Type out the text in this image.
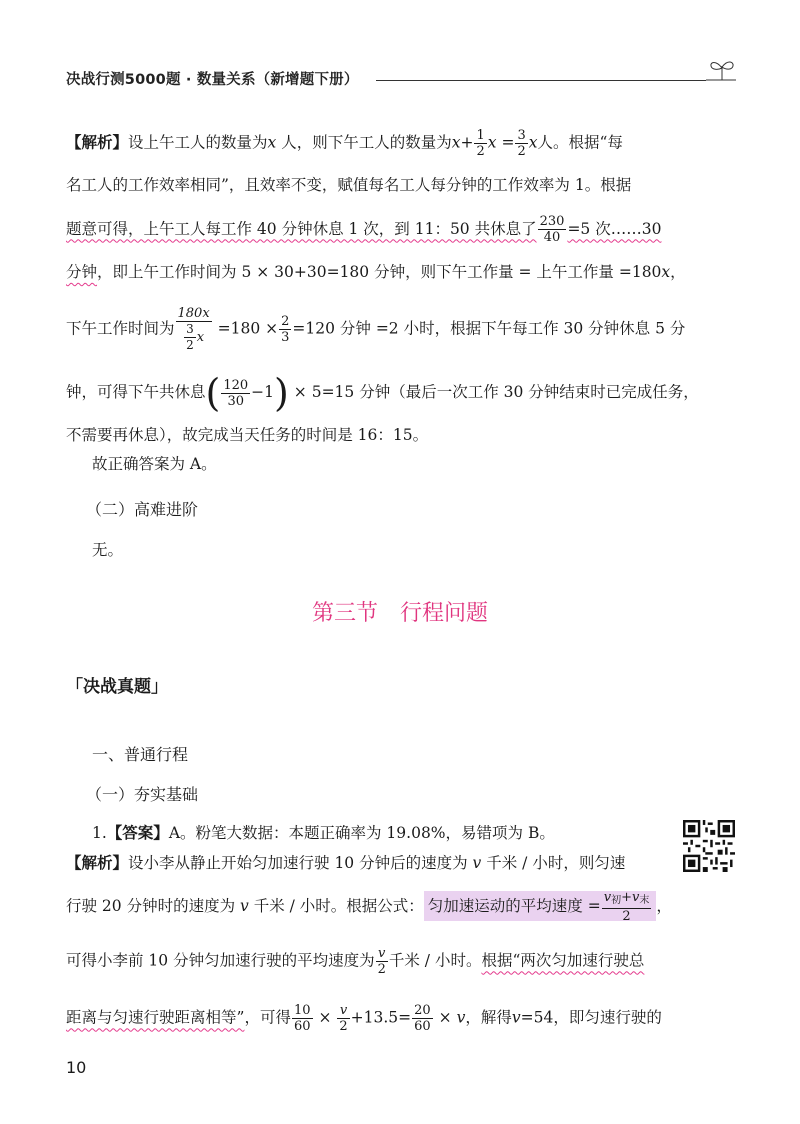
决战行测5000题 · 数量关系（新增题下册）
【解析】设上午工人的数量为x 人，则下午工人的数量为$x+ \frac{1}{2}$ $x = \frac{3}{2}$ x人。根据“每
名工人的工作效率相同”，且效率不变，赋值每名工人每分钟的工作效率为 1。根据
题意可得，上午工人每工作 40 分钟休息 1 次，到 11：50 共休息了 $\frac{230}{40} =5$ 次……30
分钟，即上午工作时间为 5 × 30+30=180 分钟，则下午工作量 = 上午工作量 =180x，
下午工作时间为 $\frac{180x}{\frac{3}{2} x} =180 \times \frac{2}{3} =120$ 分钟 =2 小时，根据下午每工作 30 分钟休息 5 分
钟，可得下午共休息( $\frac{120}{30} -1) \times 5=15$ 分钟（最后一次工作 30 分钟结束时已完成任务，
不需要再休息），故完成当天任务的时间是 16：15。
故正确答案为 A。
（二）高难进阶
无。
第三节　行程问题
「决战真题」
一、普通行程
（一）夯实基础
1.【答案】A。粉笔大数据：本题正确率为 19.08%，易错项为 B。
【解析】设小李从静止开始匀加速行驶 10 分钟后的速度为 v 千米 / 小时，则匀速
行驶 20 分钟时的速度为 v 千米 / 小时。根据公式： 匀加速运动的平均速度 = $\frac{v_初+v_末}{2}$ ，
可得小李前 10 分钟匀加速行驶的平均速度为 $\frac{v}{2}$ 千米 / 小时。根据“两次匀加速行驶总
距离与匀速行驶距离相等”，可得 $\frac{10}{60} \times \frac{v}{2} +13.5= \frac{20}{60} \times v$，解得v=54，即匀速行驶的
10
